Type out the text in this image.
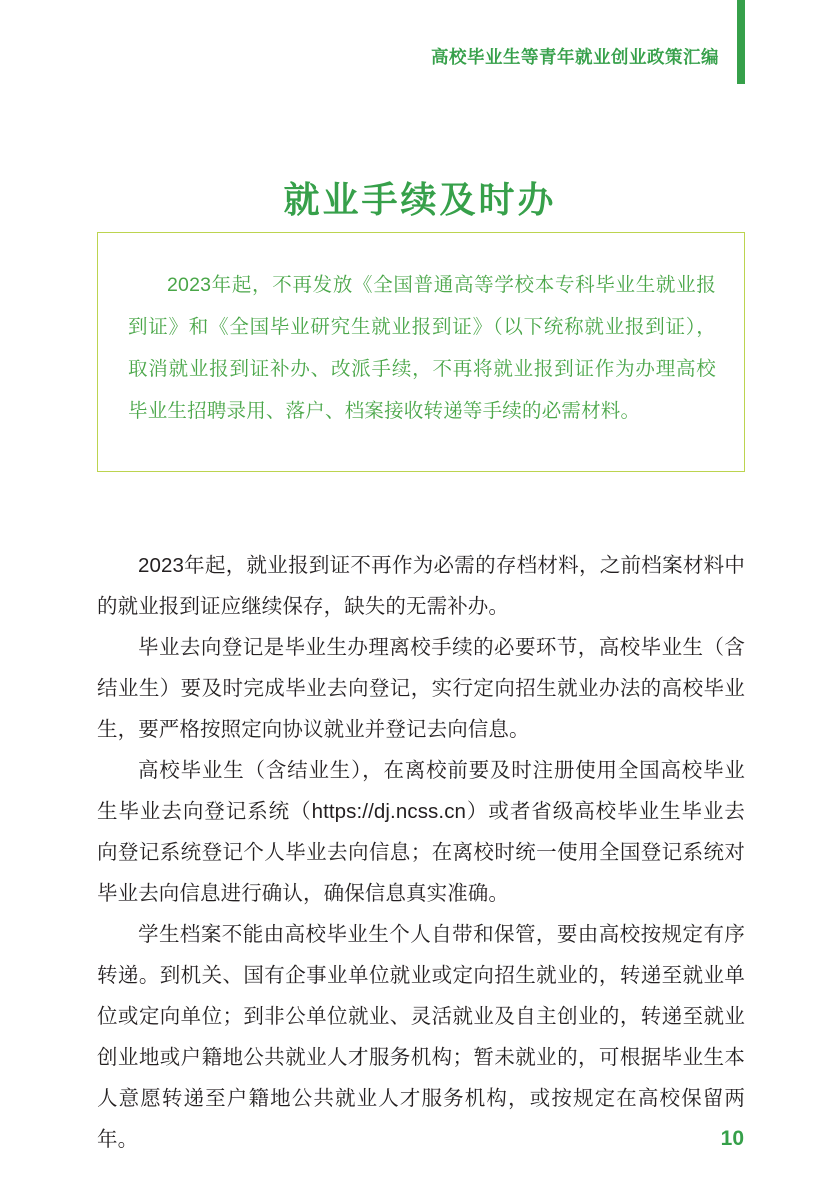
高校毕业生等青年就业创业政策汇编
就业手续及时办
2023年起，不再发放《全国普通高等学校本专科毕业生就业报到证》和《全国毕业研究生就业报到证》（以下统称就业报到证），取消就业报到证补办、改派手续，不再将就业报到证作为办理高校毕业生招聘录用、落户、档案接收转递等手续的必需材料。

2023年起，就业报到证不再作为必需的存档材料，之前档案材料中的就业报到证应继续保存，缺失的无需补办。

毕业去向登记是毕业生办理离校手续的必要环节，高校毕业生（含结业生）要及时完成毕业去向登记，实行定向招生就业办法的高校毕业生，要严格按照定向协议就业并登记去向信息。

高校毕业生（含结业生），在离校前要及时注册使用全国高校毕业生毕业去向登记系统（https://dj.ncss.cn）或者省级高校毕业生毕业去向登记系统登记个人毕业去向信息；在离校时统一使用全国登记系统对毕业去向信息进行确认，确保信息真实准确。

学生档案不能由高校毕业生个人自带和保管，要由高校按规定有序转递。到机关、国有企事业单位就业或定向招生就业的，转递至就业单位或定向单位；到非公单位就业、灵活就业及自主创业的，转递至就业创业地或户籍地公共就业人才服务机构；暂未就业的，可根据毕业生本人意愿转递至户籍地公共就业人才服务机构，或按规定在高校保留两年。	10
